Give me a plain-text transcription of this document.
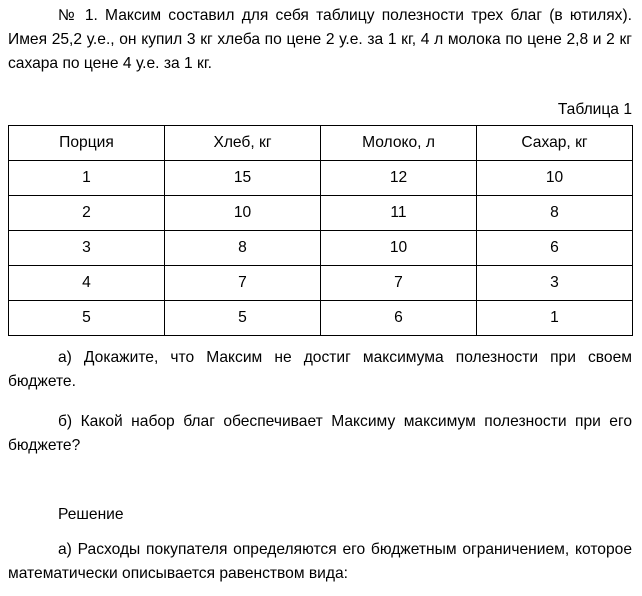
№ 1. Максим составил для себя таблицу полезности трех благ (в ютилях). Имея 25,2 у.е., он купил 3 кг хлеба по цене 2 у.е. за 1 кг, 4 л молока по цене 2,8 и 2 кг сахара по цене 4 у.е. за 1 кг.

Таблица 1
Порция	Хлеб, кг	Молоко, л	Сахар, кг
1	15	12	10
2	10	11	8
3	8	10	6
4	7	7	3
5	5	6	1

а) Докажите, что Максим не достиг максимума полезности при своем бюджете.

б) Какой набор благ обеспечивает Максиму максимум полезности при его бюджете?

Решение

а) Расходы покупателя определяются его бюджетным ограничением, которое математически описывается равенством вида:
